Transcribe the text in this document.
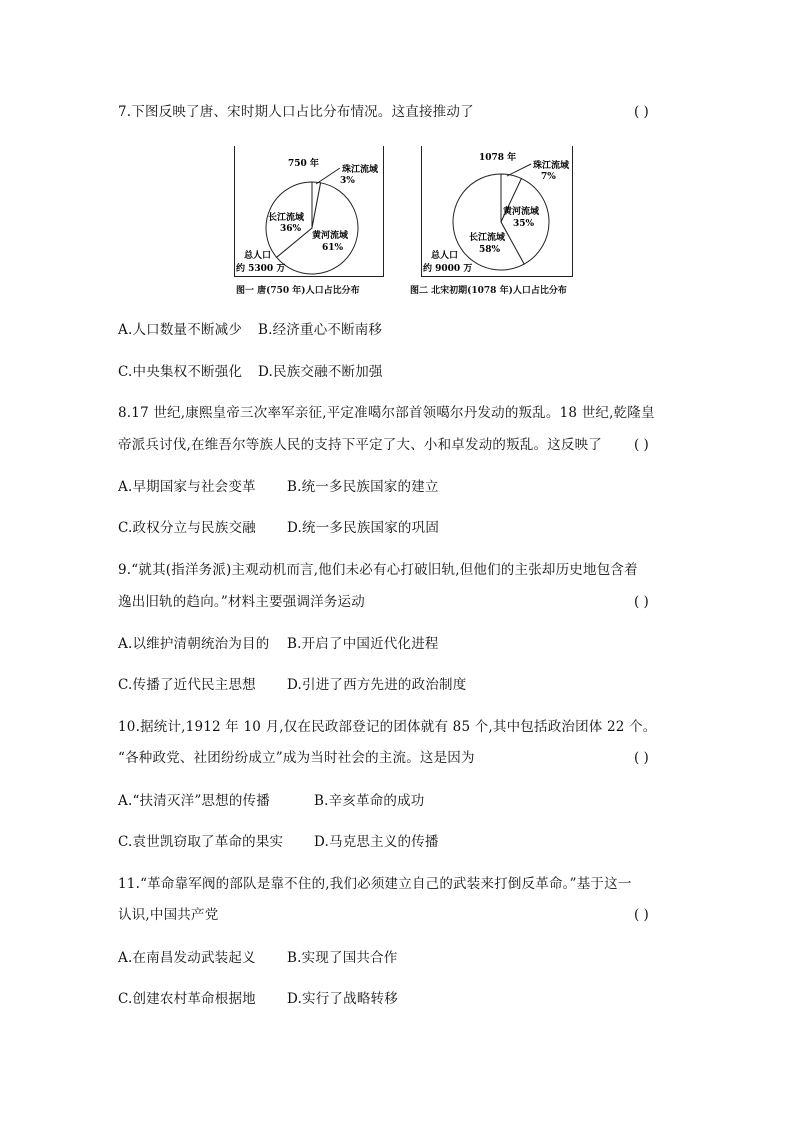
7.下图反映了唐、宋时期人口占比分布情况。这直接推动了	( )
750 年
珠江流域
3%
长江流域
36%
黄河流域
61%
总人口
约 5300 万
图一 唐(750 年)人口占比分布
1078 年
珠江流域
7%
黄河流域
35%
长江流域
58%
总人口
约 9000 万
图二 北宋初期(1078 年)人口占比分布
A.人口数量不断减少 B.经济重心不断南移
C.中央集权不断强化 D.民族交融不断加强
8.17 世纪,康熙皇帝三次率军亲征,平定准噶尔部首领噶尔丹发动的叛乱。18 世纪,乾隆皇
帝派兵讨伐,在维吾尔等族人民的支持下平定了大、小和卓发动的叛乱。这反映了 ( )
A.早期国家与社会变革 B.统一多民族国家的建立
C.政权分立与民族交融 D.统一多民族国家的巩固
9.“就其(指洋务派)主观动机而言,他们未必有心打破旧轨,但他们的主张却历史地包含着
逸出旧轨的趋向。”材料主要强调洋务运动	( )
A.以维护清朝统治为目的 B.开启了中国近代化进程
C.传播了近代民主思想 D.引进了西方先进的政治制度
10.据统计,1912 年 10 月,仅在民政部登记的团体就有 85 个,其中包括政治团体 22 个。
“各种政党、社团纷纷成立”成为当时社会的主流。这是因为	( )
A.“扶清灭洋”思想的传播	B.辛亥革命的成功
C.袁世凯窃取了革命的果实 D.马克思主义的传播
11.“革命靠军阀的部队是靠不住的,我们必须建立自己的武装来打倒反革命。”基于这一
认识,中国共产党	( )
A.在南昌发动武装起义 B.实现了国共合作
C.创建农村革命根据地 D.实行了战略转移
